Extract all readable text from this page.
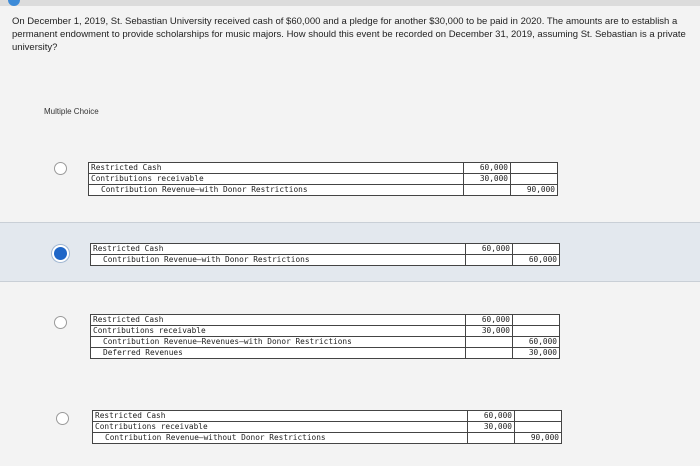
On December 1, 2019, St. Sebastian University received cash of $60,000 and a pledge for another $30,000 to be paid in 2020. The amounts are to establish a permanent endowment to provide scholarships for music majors. How should this event be recorded on December 31, 2019, assuming St. Sebastian is a private university?
Multiple Choice
Restricted Cash	60,000	
Contributions receivable	30,000	
Contribution Revenue—with Donor Restrictions		90,000
Restricted Cash	60,000	
Contribution Revenue—with Donor Restrictions		60,000
Restricted Cash	60,000	
Contributions receivable	30,000	
Contribution Revenue—Revenues—with Donor Restrictions		60,000
Deferred Revenues		30,000
Restricted Cash	60,000	
Contributions receivable	30,000	
Contribution Revenue—without Donor Restrictions		90,000
